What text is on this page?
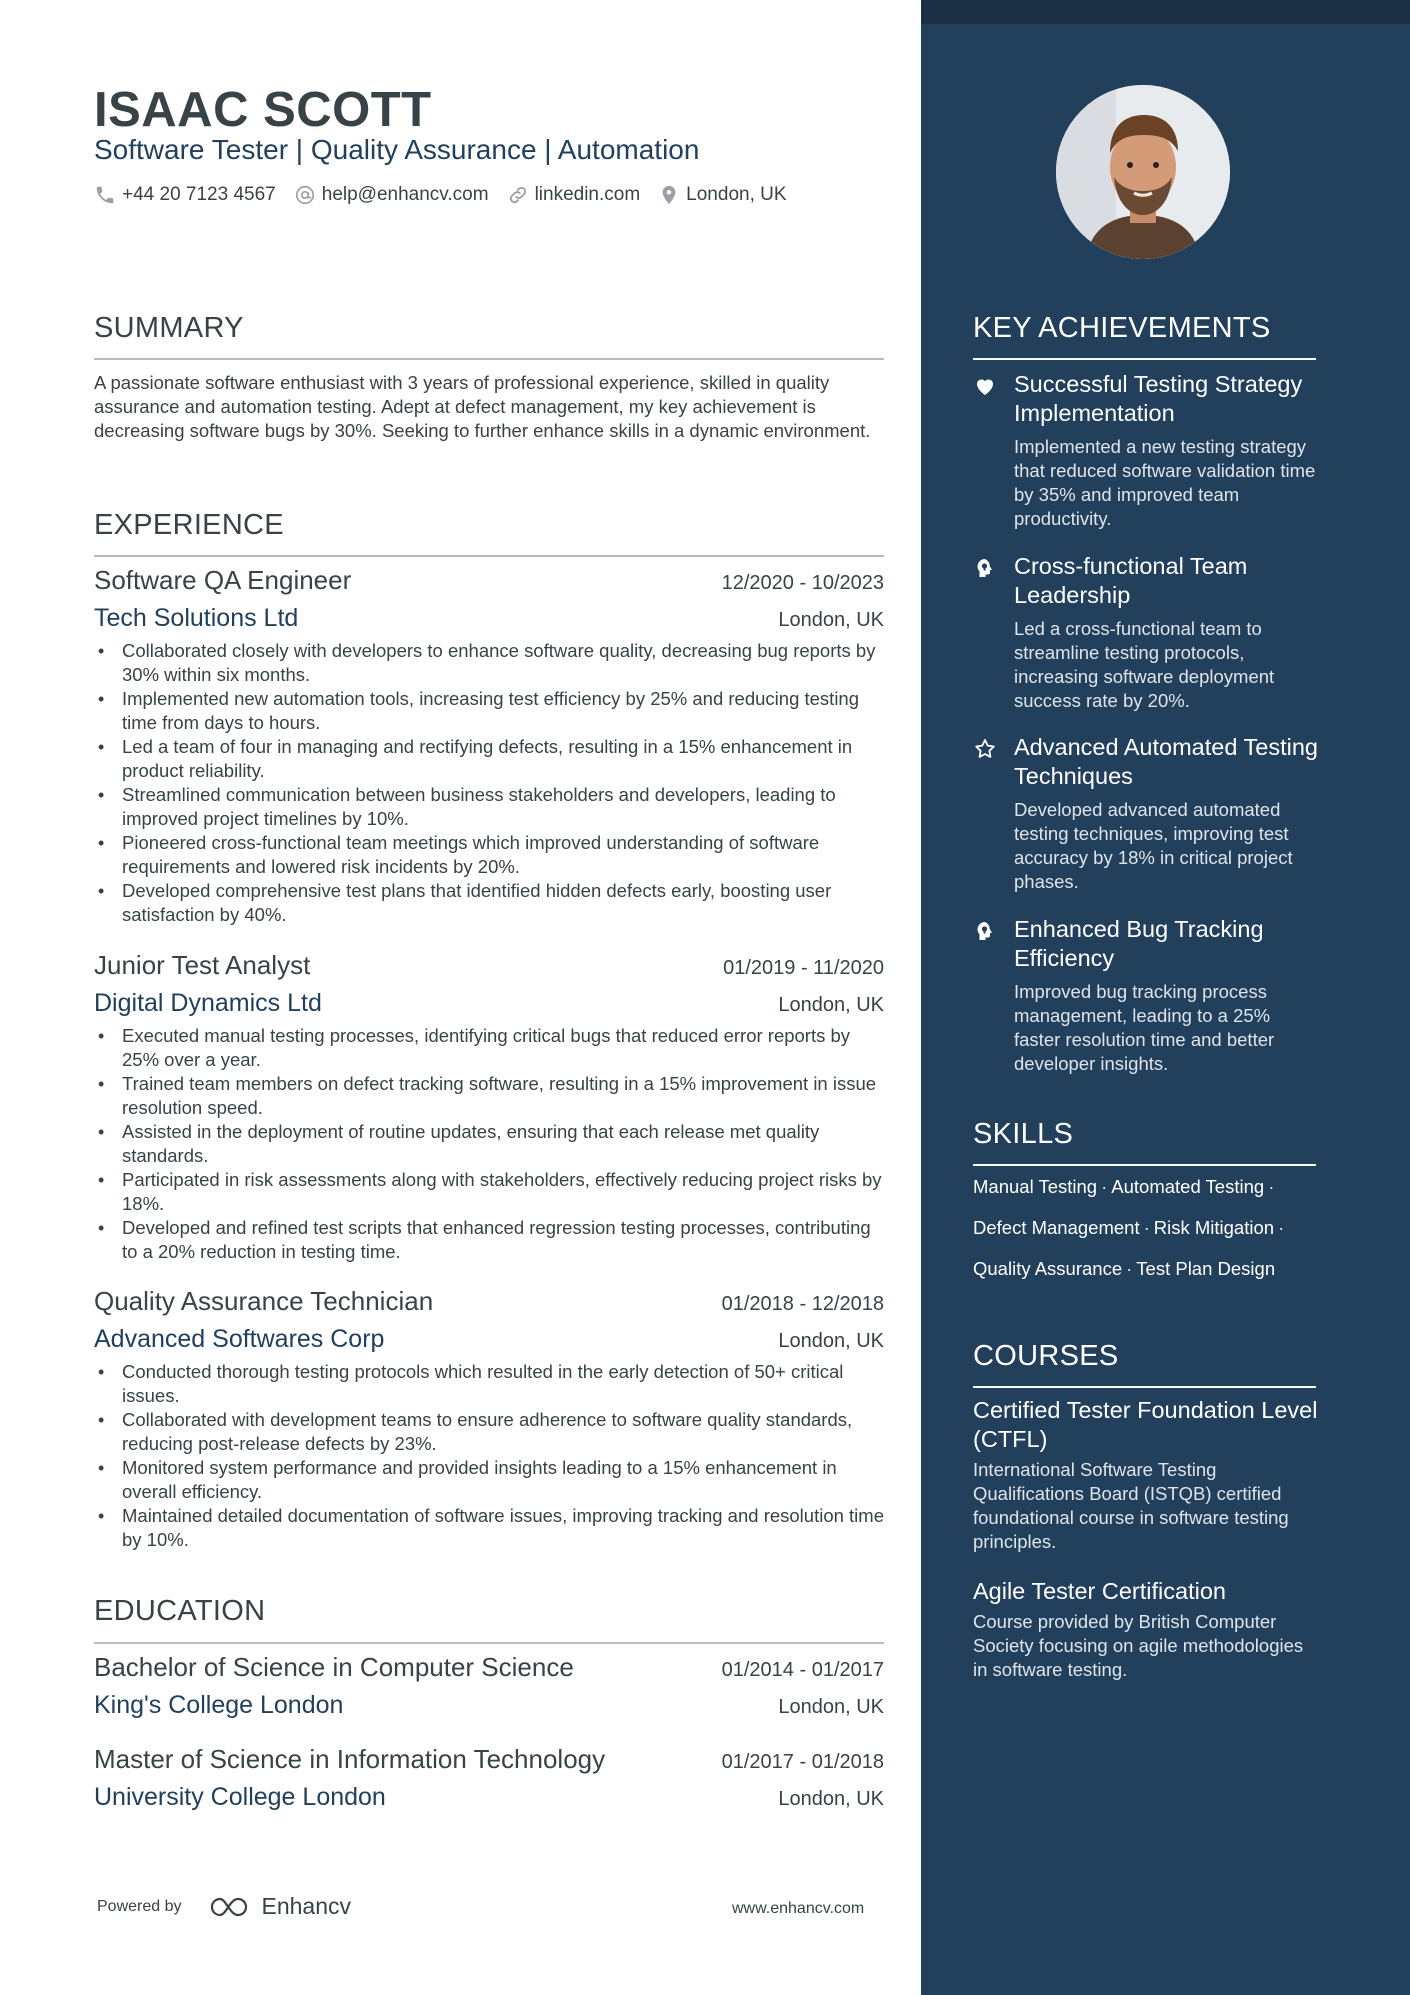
ISAAC SCOTT
Software Tester | Quality Assurance | Automation
+44 20 7123 4567 help@enhancv.com linkedin.com London, UK
SUMMARY
A passionate software enthusiast with 3 years of professional experience, skilled in quality assurance and automation testing. Adept at defect management, my key achievement is decreasing software bugs by 30%. Seeking to further enhance skills in a dynamic environment.
EXPERIENCE
Software QA Engineer	12/2020 - 10/2023
Tech Solutions Ltd	London, UK
• Collaborated closely with developers to enhance software quality, decreasing bug reports by 30% within six months.
• Implemented new automation tools, increasing test efficiency by 25% and reducing testing time from days to hours.
• Led a team of four in managing and rectifying defects, resulting in a 15% enhancement in product reliability.
• Streamlined communication between business stakeholders and developers, leading to improved project timelines by 10%.
• Pioneered cross-functional team meetings which improved understanding of software requirements and lowered risk incidents by 20%.
• Developed comprehensive test plans that identified hidden defects early, boosting user satisfaction by 40%.
Junior Test Analyst	01/2019 - 11/2020
Digital Dynamics Ltd	London, UK
• Executed manual testing processes, identifying critical bugs that reduced error reports by 25% over a year.
• Trained team members on defect tracking software, resulting in a 15% improvement in issue resolution speed.
• Assisted in the deployment of routine updates, ensuring that each release met quality standards.
• Participated in risk assessments along with stakeholders, effectively reducing project risks by 18%.
• Developed and refined test scripts that enhanced regression testing processes, contributing to a 20% reduction in testing time.
Quality Assurance Technician	01/2018 - 12/2018
Advanced Softwares Corp	London, UK
• Conducted thorough testing protocols which resulted in the early detection of 50+ critical issues.
• Collaborated with development teams to ensure adherence to software quality standards, reducing post-release defects by 23%.
• Monitored system performance and provided insights leading to a 15% enhancement in overall efficiency.
• Maintained detailed documentation of software issues, improving tracking and resolution time by 10%.
EDUCATION
Bachelor of Science in Computer Science	01/2014 - 01/2017
King's College London	London, UK
Master of Science in Information Technology	01/2017 - 01/2018
University College London	London, UK
Powered by	Enhancv	www.enhancv.com
KEY ACHIEVEMENTS
Successful Testing Strategy Implementation
Implemented a new testing strategy that reduced software validation time by 35% and improved team productivity.
Cross-functional Team Leadership
Led a cross-functional team to streamline testing protocols, increasing software deployment success rate by 20%.
Advanced Automated Testing Techniques
Developed advanced automated testing techniques, improving test accuracy by 18% in critical project phases.
Enhanced Bug Tracking Efficiency
Improved bug tracking process management, leading to a 25% faster resolution time and better developer insights.
SKILLS
Manual Testing · Automated Testing ·
Defect Management · Risk Mitigation ·
Quality Assurance · Test Plan Design
COURSES
Certified Tester Foundation Level (CTFL)
International Software Testing Qualifications Board (ISTQB) certified foundational course in software testing principles.
Agile Tester Certification
Course provided by British Computer Society focusing on agile methodologies in software testing.
